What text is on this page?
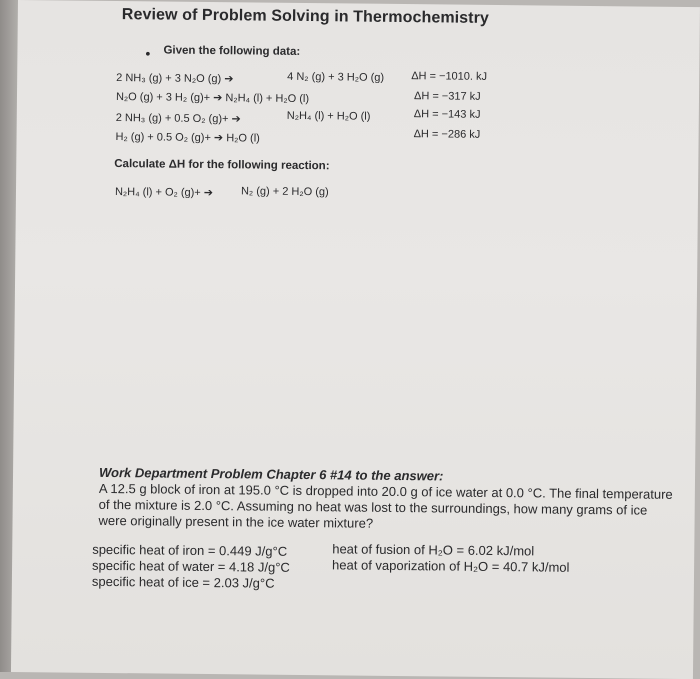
Review of Problem Solving in Thermochemistry
• Given the following data:
2 NH₃ (g) + 3 N₂O (g) ➔	4 N₂ (g) + 3 H₂O (g) ΔH = −1010. kJ
N₂O (g) + 3 H₂ (g)+ ➔ N₂H₄ (l) + H₂O (l)	ΔH = −317 kJ
2 NH₃ (g) + 0.5 O₂ (g)+ ➔	N₂H₄ (l) + H₂O (l)	ΔH = −143 kJ
H₂ (g) + 0.5 O₂ (g)+ ➔ H₂O (l)	ΔH = −286 kJ
Calculate ΔH for the following reaction:
N₂H₄ (l) + O₂ (g)+ ➔	N₂ (g) + 2 H₂O (g)
Work Department Problem Chapter 6 #14 to the answer:
A 12.5 g block of iron at 195.0 °C is dropped into 20.0 g of ice water at 0.0 °C. The final temperature of the mixture is 2.0 °C. Assuming no heat was lost to the surroundings, how many grams of ice were originally present in the ice water mixture?
specific heat of iron = 0.449 J/g°C
specific heat of water = 4.18 J/g°C
specific heat of ice = 2.03 J/g°C
heat of fusion of H₂O = 6.02 kJ/mol
heat of vaporization of H₂O = 40.7 kJ/mol
